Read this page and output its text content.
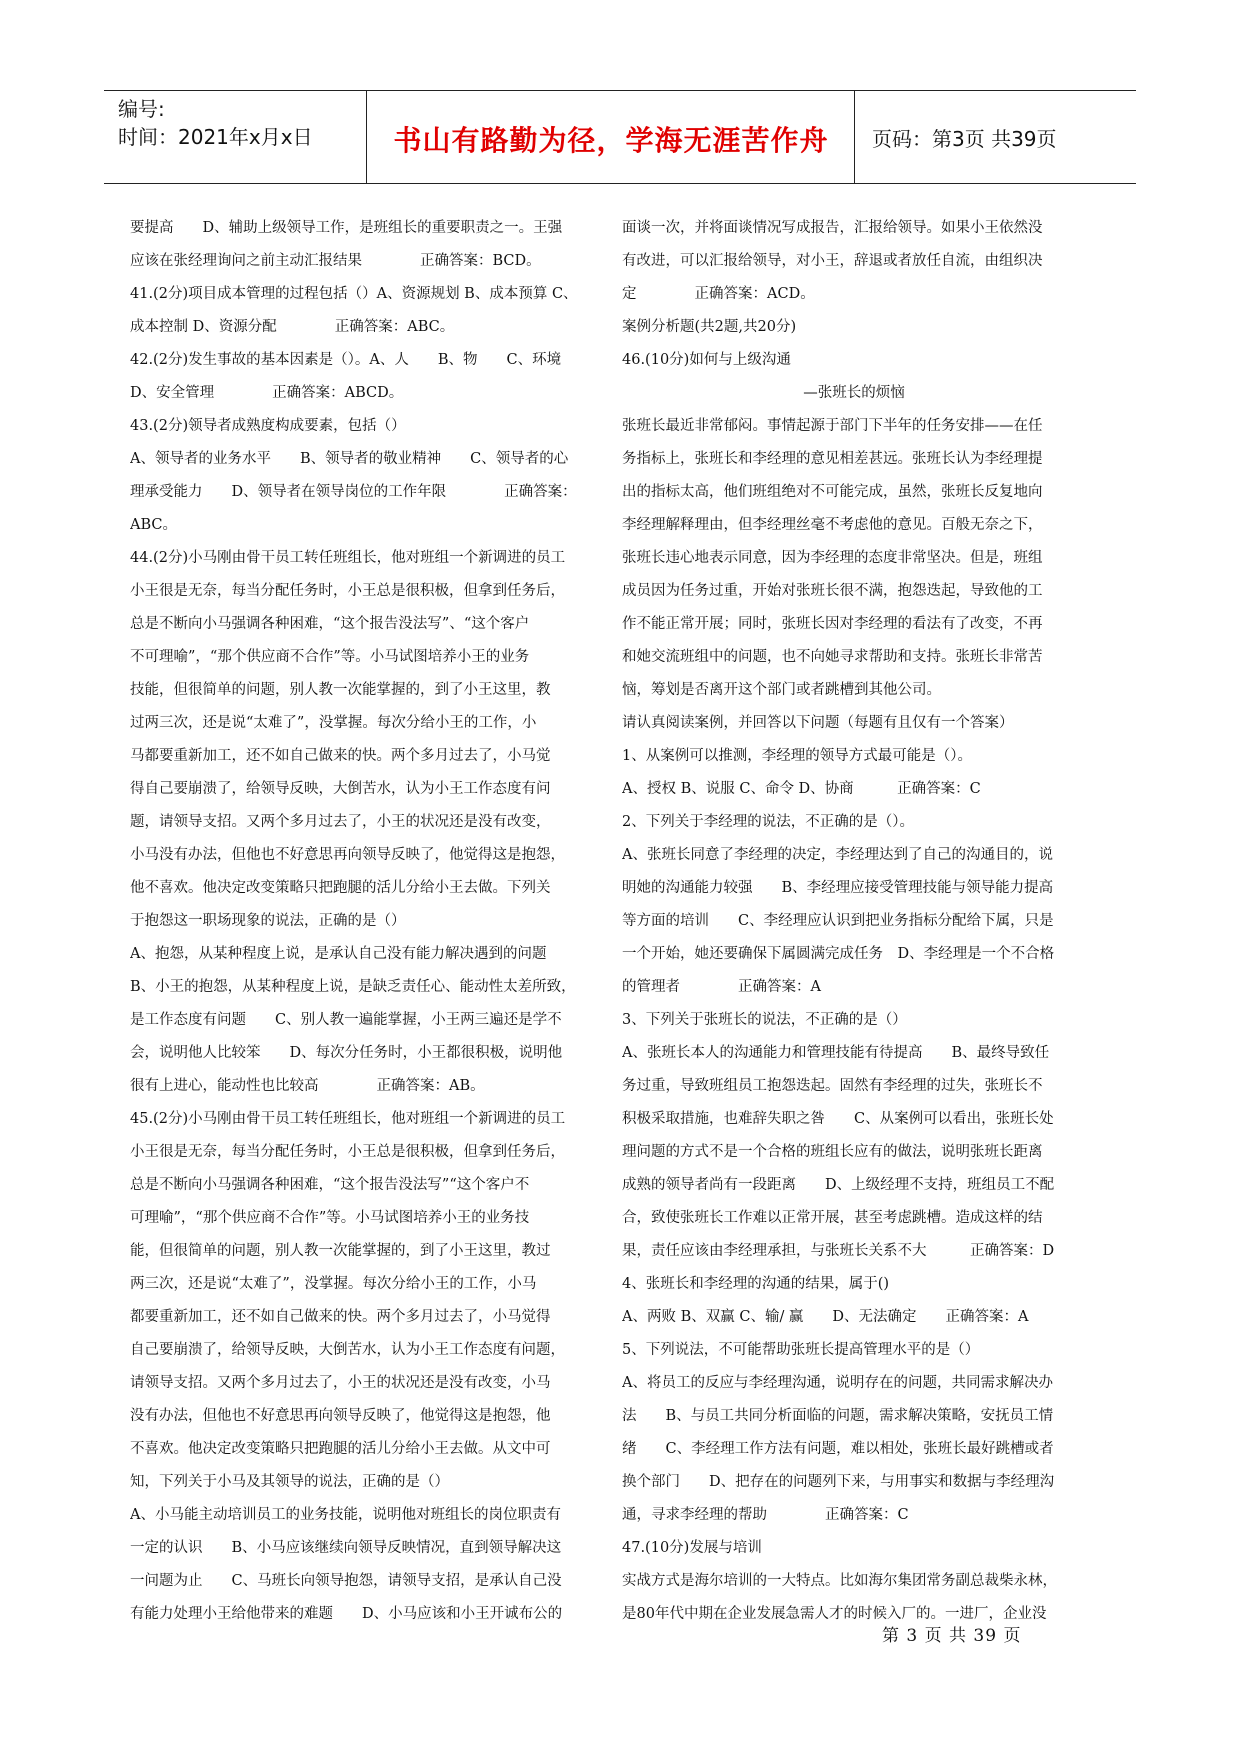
编号:
时间：2021年x月x日	书山有路勤为径，学海无涯苦作舟	页码：第3页 共39页

要提高　　D、辅助上级领导工作，是班组长的重要职责之一。王强

应该在张经理询问之前主动汇报结果　　　　正确答案：BCD。

41.(2分)项目成本管理的过程包括（）A、资源规划 B、成本预算 C、

成本控制 D、资源分配　　　　正确答案：ABC。

42.(2分)发生事故的基本因素是（）。A、人　　B、物　　C、环境

D、安全管理　　　　正确答案：ABCD。

43.(2分)领导者成熟度构成要素，包括（）

A、领导者的业务水平　　B、领导者的敬业精神　　C、领导者的心

理承受能力　　D、领导者在领导岗位的工作年限　　　　正确答案：

ABC。

44.(2分)小马刚由骨干员工转任班组长，他对班组一个新调进的员工

小王很是无奈，每当分配任务时，小王总是很积极，但拿到任务后，

总是不断向小马强调各种困难，“这个报告没法写”、“这个客户

不可理喻”，“那个供应商不合作”等。小马试图培养小王的业务

技能，但很简单的问题，别人教一次能掌握的，到了小王这里，教

过两三次，还是说“太难了”，没掌握。每次分给小王的工作，小

马都要重新加工，还不如自己做来的快。两个多月过去了，小马觉

得自己要崩溃了，给领导反映，大倒苦水，认为小王工作态度有问

题，请领导支招。又两个多月过去了，小王的状况还是没有改变，

小马没有办法，但他也不好意思再向领导反映了，他觉得这是抱怨，

他不喜欢。他决定改变策略只把跑腿的活儿分给小王去做。下列关

于抱怨这一职场现象的说法，正确的是（）

A、抱怨，从某种程度上说，是承认自己没有能力解决遇到的问题

B、小王的抱怨，从某种程度上说，是缺乏责任心、能动性太差所致，

是工作态度有问题　　C、别人教一遍能掌握，小王两三遍还是学不

会，说明他人比较笨　　D、每次分任务时，小王都很积极，说明他

很有上进心，能动性也比较高　　　　正确答案：AB。

45.(2分)小马刚由骨干员工转任班组长，他对班组一个新调进的员工

小王很是无奈，每当分配任务时，小王总是很积极，但拿到任务后，

总是不断向小马强调各种困难，“这个报告没法写”“这个客户不

可理喻”，“那个供应商不合作”等。小马试图培养小王的业务技

能，但很简单的问题，别人教一次能掌握的，到了小王这里，教过

两三次，还是说“太难了”，没掌握。每次分给小王的工作，小马

都要重新加工，还不如自己做来的快。两个多月过去了，小马觉得

自己要崩溃了，给领导反映，大倒苦水，认为小王工作态度有问题，

请领导支招。又两个多月过去了，小王的状况还是没有改变，小马

没有办法，但他也不好意思再向领导反映了，他觉得这是抱怨，他

不喜欢。他决定改变策略只把跑腿的活儿分给小王去做。从文中可

知，下列关于小马及其领导的说法，正确的是（）

A、小马能主动培训员工的业务技能，说明他对班组长的岗位职责有

一定的认识　　B、小马应该继续向领导反映情况，直到领导解决这

一问题为止　　C、马班长向领导抱怨，请领导支招，是承认自己没

有能力处理小王给他带来的难题　　D、小马应该和小王开诚布公的

面谈一次，并将面谈情况写成报告，汇报给领导。如果小王依然没

有改进，可以汇报给领导，对小王，辞退或者放任自流，由组织决

定　　　　正确答案：ACD。

案例分析题(共2题,共20分)

46.(10分)如何与上级沟通

—张班长的烦恼

张班长最近非常郁闷。事情起源于部门下半年的任务安排——在任

务指标上，张班长和李经理的意见相差甚远。张班长认为李经理提

出的指标太高，他们班组绝对不可能完成，虽然，张班长反复地向

李经理解释理由，但李经理丝毫不考虑他的意见。百般无奈之下，

张班长违心地表示同意，因为李经理的态度非常坚决。但是，班组

成员因为任务过重，开始对张班长很不满，抱怨迭起，导致他的工

作不能正常开展；同时，张班长因对李经理的看法有了改变，不再

和她交流班组中的问题，也不向她寻求帮助和支持。张班长非常苦

恼，筹划是否离开这个部门或者跳槽到其他公司。

请认真阅读案例，并回答以下问题（每题有且仅有一个答案）

1、从案例可以推测，李经理的领导方式最可能是（）。

A、授权 B、说服 C、命令 D、协商　　　正确答案：C

2、下列关于李经理的说法，不正确的是（）。

A、张班长同意了李经理的决定，李经理达到了自己的沟通目的，说

明她的沟通能力较强　　B、李经理应接受管理技能与领导能力提高

等方面的培训　　C、李经理应认识到把业务指标分配给下属，只是

一个开始，她还要确保下属圆满完成任务　D、李经理是一个不合格

的管理者　　　　正确答案：A

3、下列关于张班长的说法，不正确的是（）

A、张班长本人的沟通能力和管理技能有待提高　　B、最终导致任

务过重，导致班组员工抱怨迭起。固然有李经理的过失，张班长不

积极采取措施，也难辞失职之咎　　C、从案例可以看出，张班长处

理问题的方式不是一个合格的班组长应有的做法，说明张班长距离

成熟的领导者尚有一段距离　　D、上级经理不支持，班组员工不配

合，致使张班长工作难以正常开展，甚至考虑跳槽。造成这样的结

果，责任应该由李经理承担，与张班长关系不大　　　正确答案：D

4、张班长和李经理的沟通的结果，属于()

A、两败 B、双赢 C、输/ 赢　　D、无法确定　　正确答案：A

5、下列说法，不可能帮助张班长提高管理水平的是（）

A、将员工的反应与李经理沟通，说明存在的问题，共同需求解决办

法　　B、与员工共同分析面临的问题，需求解决策略，安抚员工情

绪　　C、李经理工作方法有问题，难以相处，张班长最好跳槽或者

换个部门　　D、把存在的问题列下来，与用事实和数据与李经理沟

通，寻求李经理的帮助　　　　正确答案：C

47.(10分)发展与培训

实战方式是海尔培训的一大特点。比如海尔集团常务副总裁柴永林，

是80年代中期在企业发展急需人才的时候入厂的。一进厂，企业没

第 3 页 共 39 页
